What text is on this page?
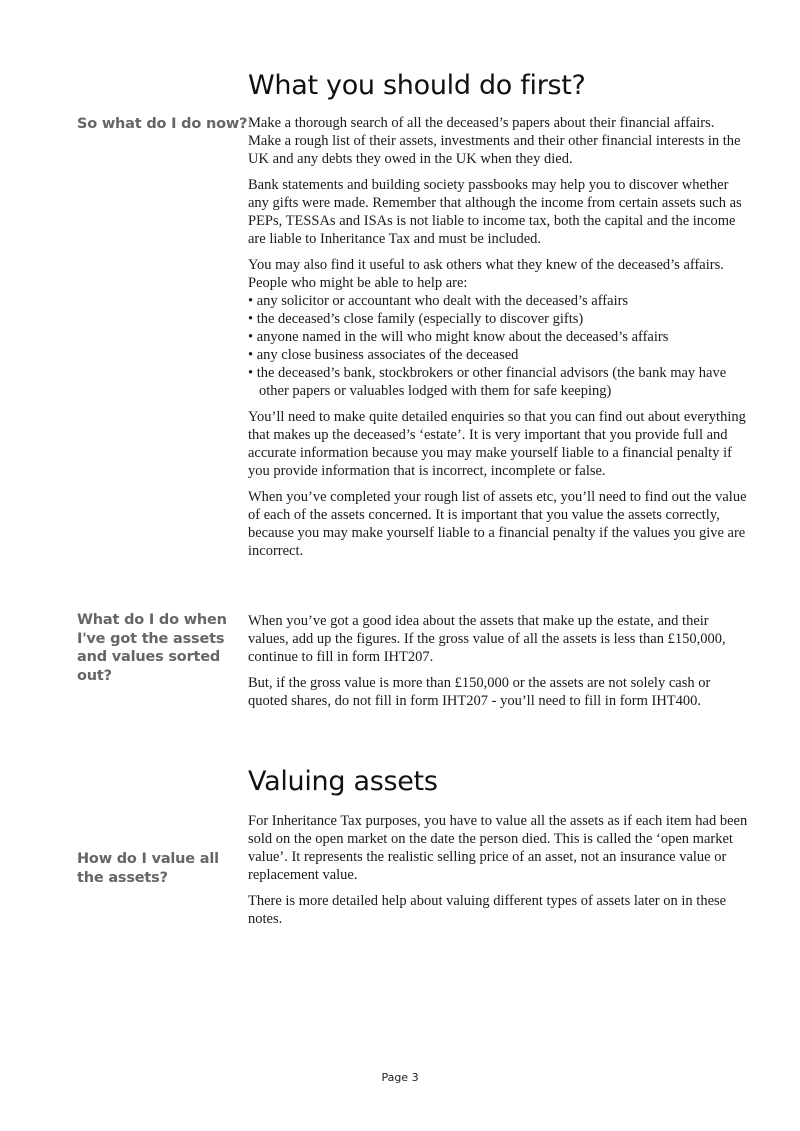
What you should do first?
So what do I do now? Make a thorough search of all the deceased’s papers about their financial affairs. Make a rough list of their assets, investments and their other financial interests in the UK and any debts they owed in the UK when they died.

Bank statements and building society passbooks may help you to discover whether any gifts were made. Remember that although the income from certain assets such as PEPs, TESSAs and ISAs is not liable to income tax, both the capital and the income are liable to Inheritance Tax and must be included.

You may also find it useful to ask others what they knew of the deceased’s affairs. People who might be able to help are:
• any solicitor or accountant who dealt with the deceased’s affairs
• the deceased’s close family (especially to discover gifts)
• anyone named in the will who might know about the deceased’s affairs
• any close business associates of the deceased
• the deceased’s bank, stockbrokers or other financial advisors (the bank may have other papers or valuables lodged with them for safe keeping)

You’ll need to make quite detailed enquiries so that you can find out about everything that makes up the deceased’s ‘estate’. It is very important that you provide full and accurate information because you may make yourself liable to a financial penalty if you provide information that is incorrect, incomplete or false.

When you’ve completed your rough list of assets etc, you’ll need to find out the value of each of the assets concerned. It is important that you value the assets correctly, because you may make yourself liable to a financial penalty if the values you give are incorrect.

What do I do when I've got the assets and values sorted out?

When you’ve got a good idea about the assets that make up the estate, and their values, add up the figures. If the gross value of all the assets is less than £150,000, continue to fill in form IHT207.

But, if the gross value is more than £150,000 or the assets are not solely cash or quoted shares, do not fill in form IHT207 - you’ll need to fill in form IHT400.

Valuing assets
How do I value all the assets?

For Inheritance Tax purposes, you have to value all the assets as if each item had been sold on the open market on the date the person died. This is called the ‘open market value’. It represents the realistic selling price of an asset, not an insurance value or replacement value.

There is more detailed help about valuing different types of assets later on in these notes.

Page 3
